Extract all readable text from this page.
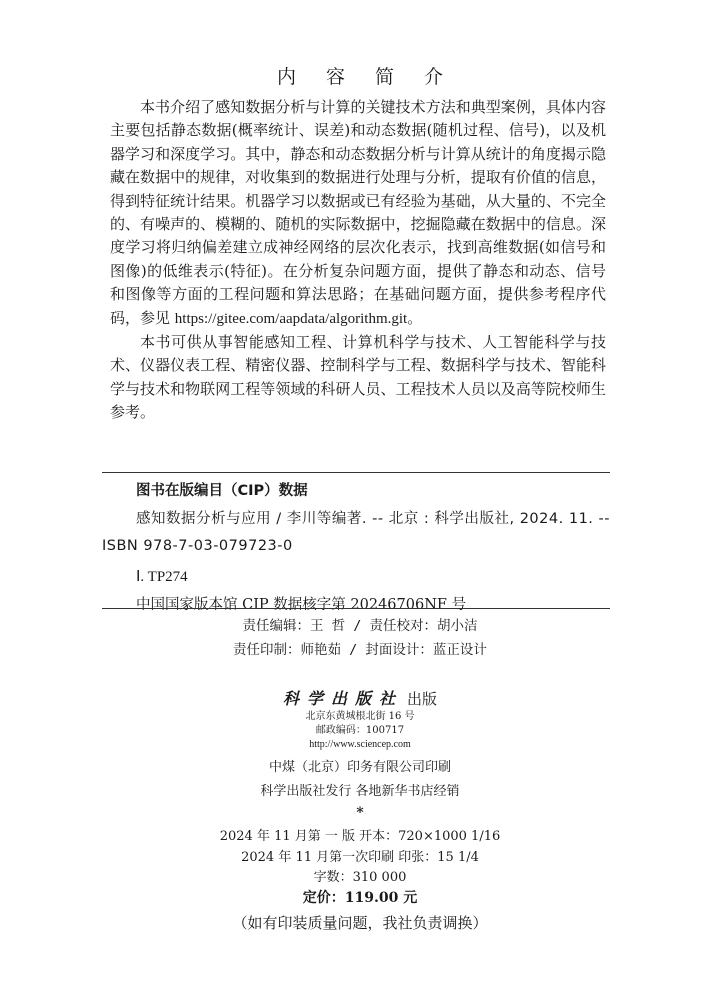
内 容 简 介

本书介绍了感知数据分析与计算的关键技术方法和典型案例，具体内容主要包括静态数据(概率统计、误差)和动态数据(随机过程、信号)，以及机器学习和深度学习。其中，静态和动态数据分析与计算从统计的角度揭示隐藏在数据中的规律，对收集到的数据进行处理与分析，提取有价值的信息，得到特征统计结果。机器学习以数据或已有经验为基础，从大量的、不完全的、有噪声的、模糊的、随机的实际数据中，挖掘隐藏在数据中的信息。深度学习将归纳偏差建立成神经网络的层次化表示，找到高维数据(如信号和图像)的低维表示(特征)。在分析复杂问题方面，提供了静态和动态、信号和图像等方面的工程问题和算法思路；在基础问题方面，提供参考程序代码，参见 https://gitee.com/aapdata/algorithm.git。

本书可供从事智能感知工程、计算机科学与技术、人工智能科学与技术、仪器仪表工程、精密仪器、控制科学与工程、数据科学与技术、智能科学与技术和物联网工程等领域的科研人员、工程技术人员以及高等院校师生参考。

图书在版编目（CIP）数据
感知数据分析与应用 / 李川等编著. -- 北京 : 科学出版社, 2024. 11. -- ISBN 978-7-03-079723-0
Ⅰ. TP274
中国国家版本馆 CIP 数据核字第 20246706NF 号
责任编辑：王 哲 / 责任校对：胡小洁
责任印制：师艳茹 / 封面设计：蓝正设计
科学出版社 出版
北京东黄城根北街 16 号
邮政编码：100717
http://www.sciencep.com
中煤（北京）印务有限公司印刷
科学出版社发行 各地新华书店经销
*
2024 年 11 月第 一 版 开本：720×1000 1/16
2024 年 11 月第一次印刷 印张：15 1/4
字数：310 000
定价：119.00 元
（如有印装质量问题，我社负责调换）
